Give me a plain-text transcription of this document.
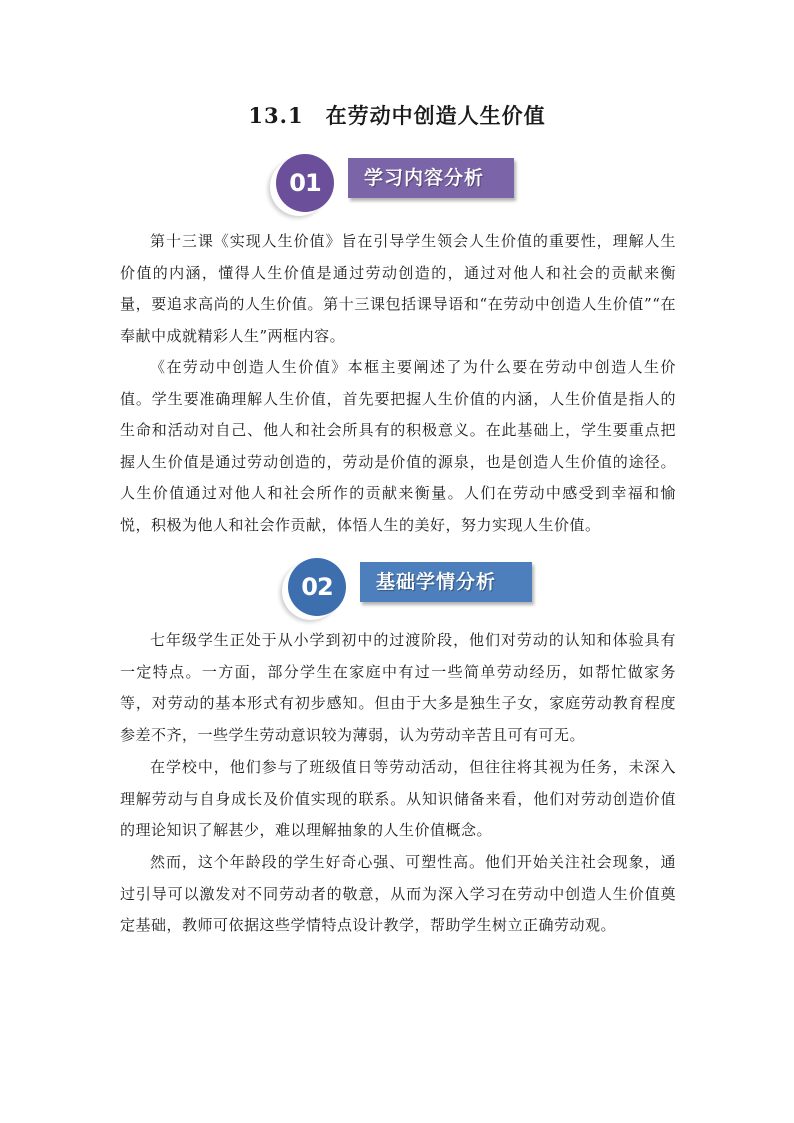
13.1 在劳动中创造人生价值
01	学习内容分析
第十三课《实现人生价值》旨在引导学生领会人生价值的重要性，理解人生价值的内涵，懂得人生价值是通过劳动创造的，通过对他人和社会的贡献来衡量，要追求高尚的人生价值。第十三课包括课导语和“在劳动中创造人生价值”“在奉献中成就精彩人生”两框内容。
《在劳动中创造人生价值》本框主要阐述了为什么要在劳动中创造人生价值。学生要准确理解人生价值，首先要把握人生价值的内涵，人生价值是指人的生命和活动对自己、他人和社会所具有的积极意义。在此基础上，学生要重点把握人生价值是通过劳动创造的，劳动是价值的源泉，也是创造人生价值的途径。人生价值通过对他人和社会所作的贡献来衡量。人们在劳动中感受到幸福和愉悦，积极为他人和社会作贡献，体悟人生的美好，努力实现人生价值。
02	基础学情分析
七年级学生正处于从小学到初中的过渡阶段，他们对劳动的认知和体验具有一定特点。一方面，部分学生在家庭中有过一些简单劳动经历，如帮忙做家务等，对劳动的基本形式有初步感知。但由于大多是独生子女，家庭劳动教育程度参差不齐，一些学生劳动意识较为薄弱，认为劳动辛苦且可有可无。
在学校中，他们参与了班级值日等劳动活动，但往往将其视为任务，未深入理解劳动与自身成长及价值实现的联系。从知识储备来看，他们对劳动创造价值的理论知识了解甚少，难以理解抽象的人生价值概念。
然而，这个年龄段的学生好奇心强、可塑性高。他们开始关注社会现象，通过引导可以激发对不同劳动者的敬意，从而为深入学习在劳动中创造人生价值奠定基础，教师可依据这些学情特点设计教学，帮助学生树立正确劳动观。
